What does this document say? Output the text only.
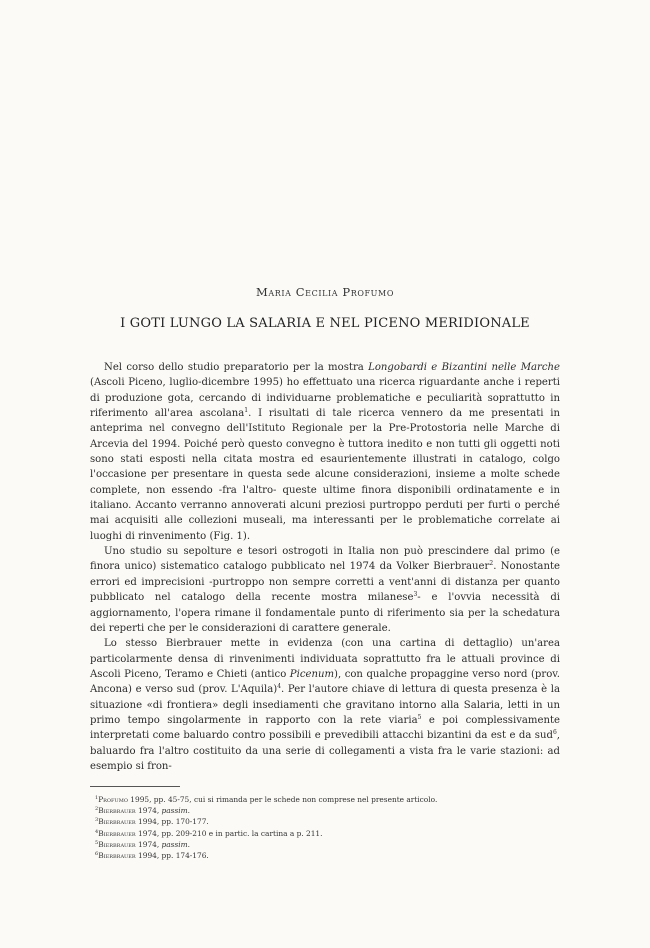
Maria Cecilia Profumo
I GOTI LUNGO LA SALARIA E NEL PICENO MERIDIONALE

Nel corso dello studio preparatorio per la mostra Longobardi e Bizantini nelle Marche (Ascoli Piceno, luglio-dicembre 1995) ho effettuato una ricerca riguardante anche i reperti di produzione gota, cercando di individuarne problematiche e peculiarità soprattutto in riferimento all'area ascolana$^1$. I risultati di tale ricerca vennero da me presentati in anteprima nel convegno dell'Istituto Regionale per la Pre-Protostoria nelle Marche di Arcevia del 1994. Poiché però questo convegno è tuttora inedito e non tutti gli oggetti noti sono stati esposti nella citata mostra ed esaurientemente illustrati in catalogo, colgo l'occasione per presentare in questa sede alcune considerazioni, insieme a molte schede complete, non essendo -fra l'altro- queste ultime finora disponibili ordinatamente e in italiano. Accanto verranno annoverati alcuni preziosi purtroppo perduti per furti o perché mai acquisiti alle collezioni museali, ma interessanti per le problematiche correlate ai luoghi di rinvenimento (Fig. 1).

Uno studio su sepolture e tesori ostrogoti in Italia non può prescindere dal primo (e finora unico) sistematico catalogo pubblicato nel 1974 da Volker Bierbrauer$^2$. Nonostante errori ed imprecisioni -purtroppo non sempre corretti a vent'anni di distanza per quanto pubblicato nel catalogo della recente mostra milanese$^3$- e l'ovvia necessità di aggiornamento, l'opera rimane il fondamentale punto di riferimento sia per la schedatura dei reperti che per le considerazioni di carattere generale.

Lo stesso Bierbrauer mette in evidenza (con una cartina di dettaglio) un'area particolarmente densa di rinvenimenti individuata soprattutto fra le attuali province di Ascoli Piceno, Teramo e Chieti (antico Picenum), con qualche propaggine verso nord (prov. Ancona) e verso sud (prov. L'Aquila)$^4$. Per l'autore chiave di lettura di questa presenza è la situazione «di frontiera» degli insediamenti che gravitano intorno alla Salaria, letti in un primo tempo singolarmente in rapporto con la rete viaria$^5$ e poi complessivamente interpretati come baluardo contro possibili e prevedibili attacchi bizantini da est e da sud$^6$, baluardo fra l'altro costituito da una serie di collegamenti a vista fra le varie stazioni: ad esempio si fron-

$^1$Profumo 1995, pp. 45-75, cui si rimanda per le schede non comprese nel presente articolo.
$^2$Bierbrauer 1974, passim.
$^3$Bierbrauer 1994, pp. 170-177.
$^4$Bierbrauer 1974, pp. 209-210 e in partic. la cartina a p. 211.
$^5$Bierbrauer 1974, passim.
$^6$Bierbrauer 1994, pp. 174-176.
